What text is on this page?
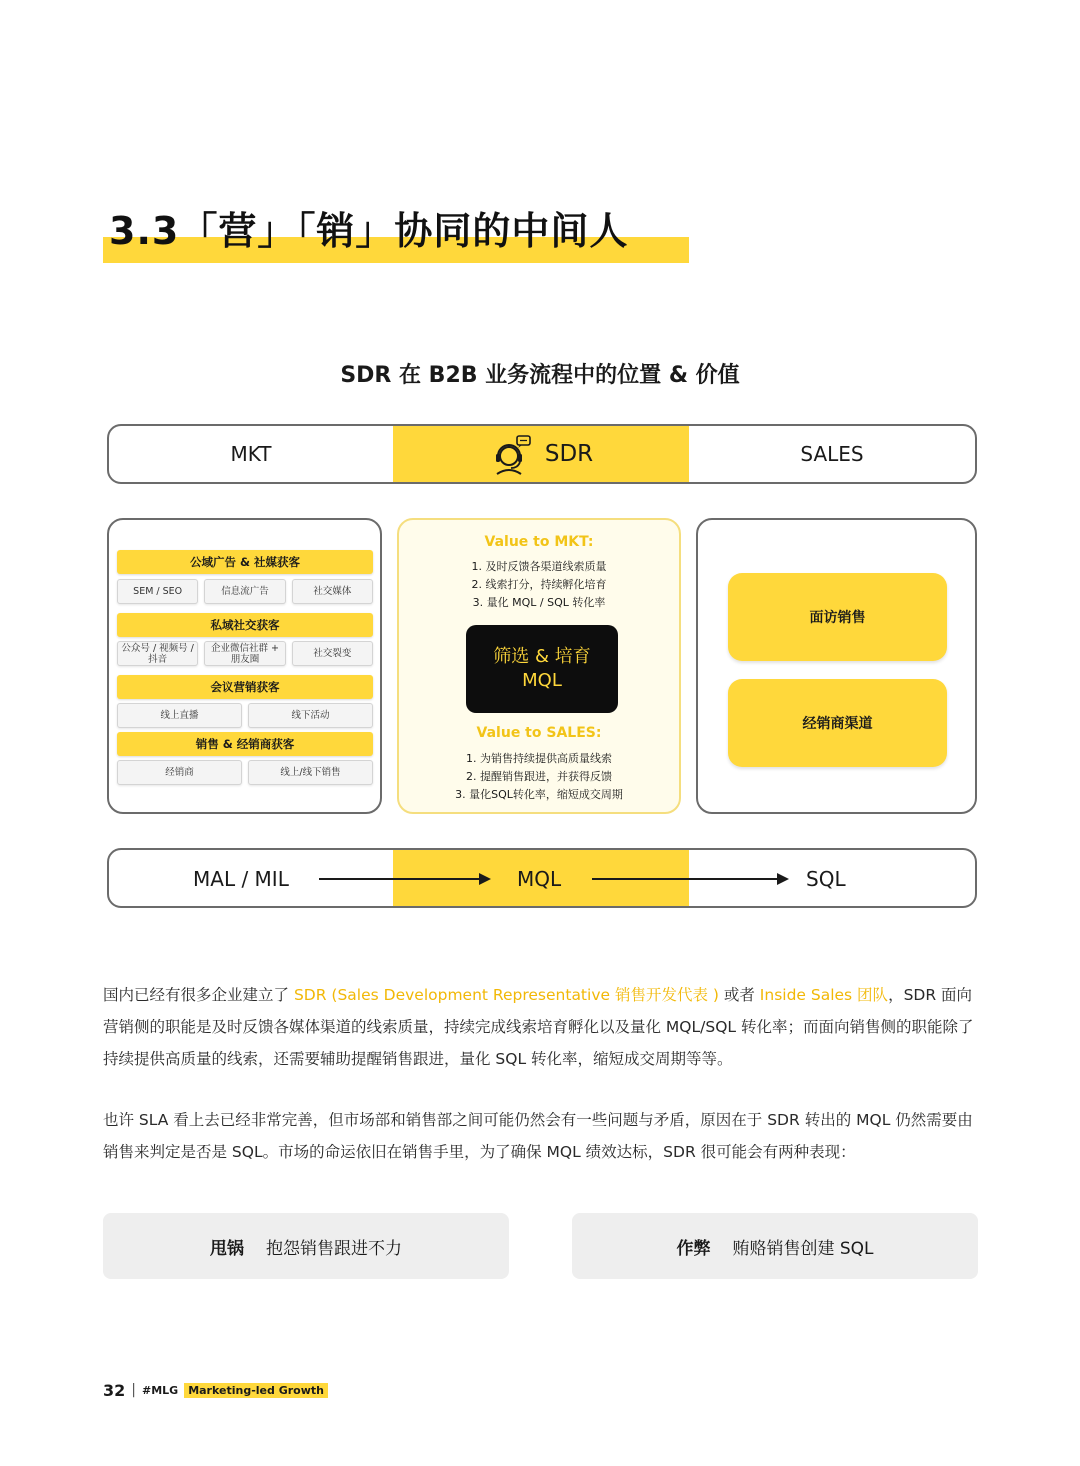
3.3「营」「销」协同的中间人
SDR 在 B2B 业务流程中的位置 & 价值
MKT	SDR	SALES
公域广告 & 社媒获客
SEM / SEO	信息流广告	社交媒体
私域社交获客
公众号 / 视频号 / 抖音
企业微信社群 + 朋友圈	社交裂变
会议营销获客
线上直播	线下活动
销售 & 经销商获客
经销商	线上/线下销售
Value to MKT:
1. 及时反馈各渠道线索质量
2. 线索打分，持续孵化培育
3. 量化 MQL / SQL 转化率
筛选 & 培育
MQL
Value to SALES:
1. 为销售持续提供高质量线索
2. 提醒销售跟进，并获得反馈
3. 量化SQL转化率，缩短成交周期
面访销售
经销商渠道
MAL / MIL	MQL	SQL

国内已经有很多企业建立了 SDR (Sales Development Representative 销售开发代表 ) 或者 Inside Sales 团队，SDR 面向营销侧的职能是及时反馈各媒体渠道的线索质量，持续完成线索培育孵化以及量化 MQL/SQL 转化率；而面向销售侧的职能除了持续提供高质量的线索，还需要辅助提醒销售跟进，量化 SQL 转化率，缩短成交周期等等。

也许 SLA 看上去已经非常完善，但市场部和销售部之间可能仍然会有一些问题与矛盾，原因在于 SDR 转出的 MQL 仍然需要由销售来判定是否是 SQL。市场的命运依旧在销售手里，为了确保 MQL 绩效达标，SDR 很可能会有两种表现：

甩锅 抱怨销售跟进不力	作弊 贿赂销售创建 SQL
32 | #MLG Marketing-led Growth
